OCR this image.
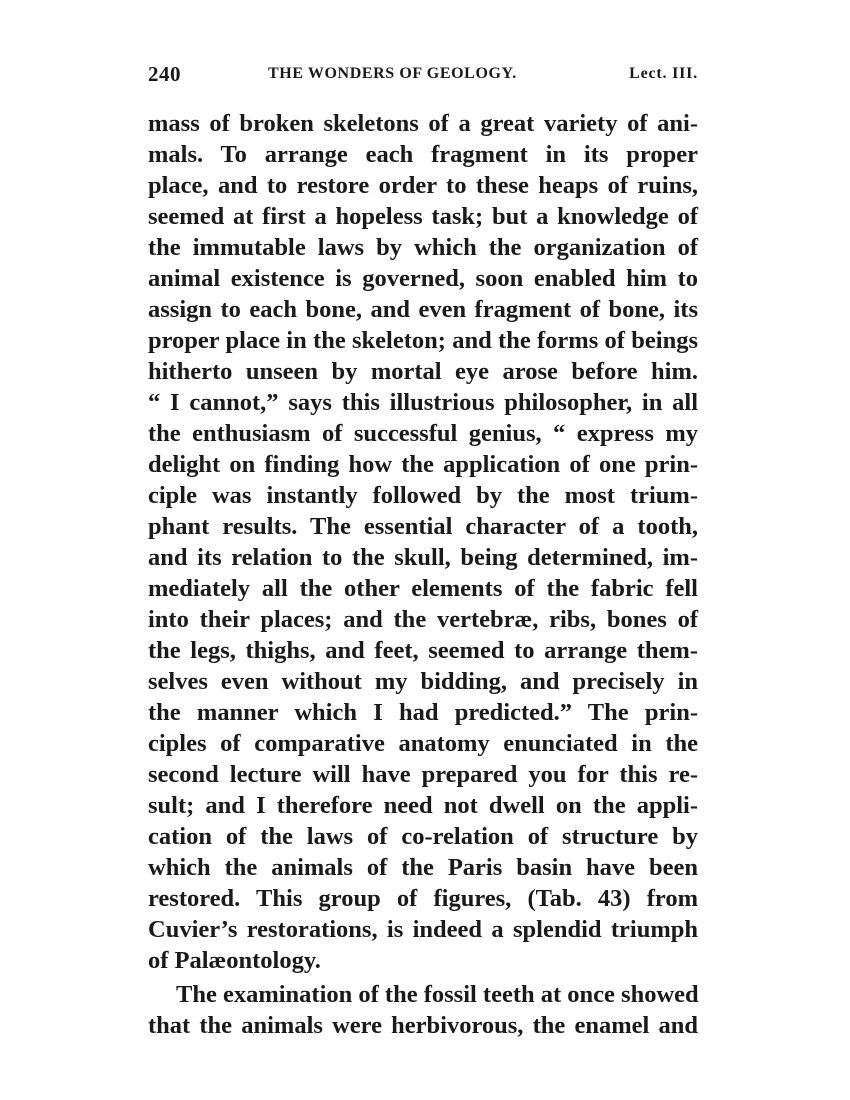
240	THE WONDERS OF GEOLOGY.	Lect. III.
mass of broken skeletons of a great variety of ani-
mals. To arrange each fragment in its proper
place, and to restore order to these heaps of ruins,
seemed at first a hopeless task; but a knowledge of
the immutable laws by which the organization of
animal existence is governed, soon enabled him to
assign to each bone, and even fragment of bone, its
proper place in the skeleton; and the forms of beings
hitherto unseen by mortal eye arose before him.
“ I cannot,” says this illustrious philosopher, in all
the enthusiasm of successful genius, “ express my
delight on finding how the application of one prin-
ciple was instantly followed by the most trium-
phant results. The essential character of a tooth,
and its relation to the skull, being determined, im-
mediately all the other elements of the fabric fell
into their places; and the vertebræ, ribs, bones of
the legs, thighs, and feet, seemed to arrange them-
selves even without my bidding, and precisely in
the manner which I had predicted.” The prin-
ciples of comparative anatomy enunciated in the
second lecture will have prepared you for this re-
sult; and I therefore need not dwell on the appli-
cation of the laws of co-relation of structure by
which the animals of the Paris basin have been
restored. This group of figures, (Tab. 43) from
Cuvier’s restorations, is indeed a splendid triumph
of Palæontology.
The examination of the fossil teeth at once showed
that the animals were herbivorous, the enamel and
